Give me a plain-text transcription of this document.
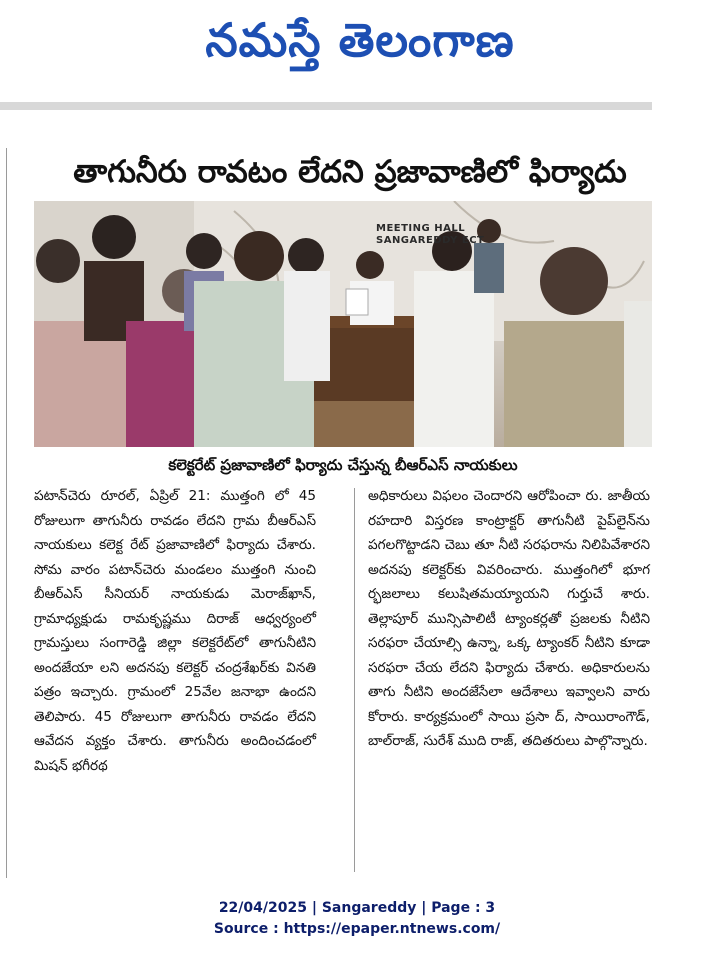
నమస్తే తెలంగాణ
తాగునీరు రావటం లేదని ప్రజావాణిలో ఫిర్యాదు
MEETING HALL
SANGAREDDY ECT
కలెక్టరేట్ ప్రజావాణిలో ఫిర్యాదు చేస్తున్న బీఆర్ఎస్ నాయకులు
పటాన్‌చెరు రూరల్, ఏప్రిల్ 21: ముత్తంగి లో 45 రోజులుగా తాగునీరు రావడం లేదని గ్రామ బీఆర్ఎస్ నాయకులు కలెక్ట రేట్ ప్రజావాణిలో ఫిర్యాదు చేశారు. సోమ వారం పటాన్‌చెరు మండలం ముత్తంగి నుంచి బీఆర్ఎస్ సీనియర్ నాయకుడు మెరాజ్‌ఖాన్, గ్రామాధ్యక్షుడు రామకృష్ణము దిరాజ్ ఆధ్వర్యంలో గ్రామస్తులు సంగారెడ్డి జిల్లా కలెక్టరేట్‌లో తాగునీటిని అందజేయా లని అదనపు కలెక్టర్ చంద్రశేఖర్‌కు వినతి పత్రం ఇచ్చారు. గ్రామంలో 25వేల జనాభా ఉందని తెలిపారు. 45 రోజులుగా తాగునీరు రావడం లేదని ఆవేదన వ్యక్తం చేశారు. తాగునీరు అందించడంలో మిషన్ భగీరథ
అధికారులు విఫలం చెందారని ఆరోపించా రు. జాతీయ రహదారి విస్తరణ కాంట్రాక్టర్ తాగునీటి పైప్‌లైన్‌ను పగలగొట్టాడని చెబు తూ నీటి సరఫరాను నిలిపివేశారని అదనపు కలెక్టర్‌కు వివరించారు. ముత్తంగిలో భూగ ర్భజలాలు కలుషితమయ్యాయని గుర్తుచే శారు. తెల్లాపూర్ మున్సిపాలిటీ ట్యాంకర్లతో ప్రజలకు నీటిని సరఫరా చేయాల్సి ఉన్నా, ఒక్క ట్యాంకర్ నీటిని కూడా సరఫరా చేయ లేదని ఫిర్యాదు చేశారు. అధికారులను తాగు నీటిని అందజేసేలా ఆదేశాలు ఇవ్వాలని వారు కోరారు. కార్యక్రమంలో సాయి ప్రసా ద్, సాయిరాంగౌడ్, బాల్‌రాజ్, సురేశ్ ముది రాజ్, తదితరులు పాల్గొన్నారు.
22/04/2025 | Sangareddy | Page : 3
Source : https://epaper.ntnews.com/
